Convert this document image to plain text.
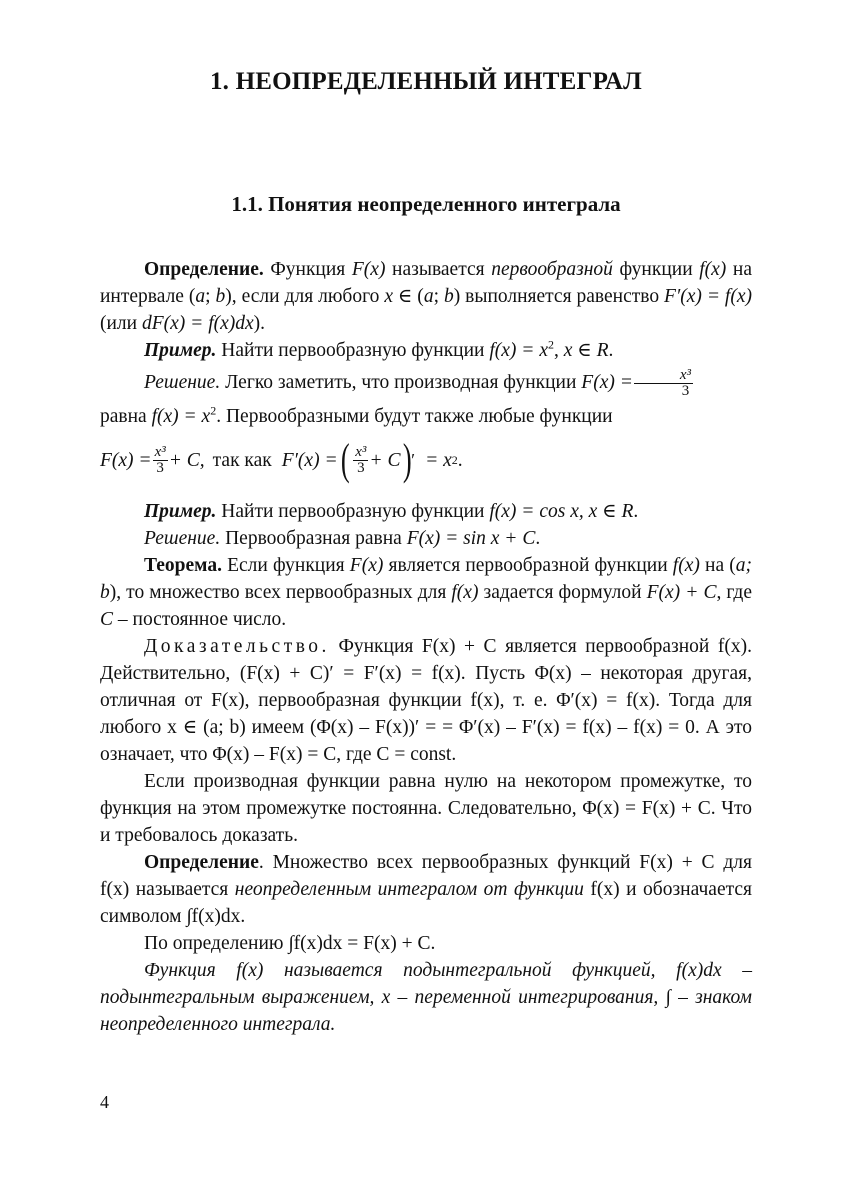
1. НЕОПРЕДЕЛЕННЫЙ ИНТЕГРАЛ
1.1. Понятия неопределенного интеграла

Определение. Функция F(x) называется первообразной функции f(x) на интервале (a; b), если для любого x ∈ (a; b) выполняется равенство F′(x) = f(x) (или dF(x) = f(x)dx).

Пример. Найти первообразную функции $f(x) = x^2$, x ∈ R.

Решение. Легко заметить, что производная функции $F(x) = \frac{\text{x³}}{3}$

равна $f(x) = x^2$. Первообразными будут также любые функции

$F(x) = \frac{\text{x³}}{3} + C$, так как F′(x) = ( $\frac{\text{x³}}{3} + C$ )
′ = x 2 .

Пример. Найти первообразную функции f(x) = cos x, x ∈ R.

Решение. Первообразная равна F(x) = sin x + C.

Теорема. Если функция F(x) является первообразной функции f(x) на (a; b), то множество всех первообразных для f(x) задается формулой F(x) + C, где C – постоянное число.

Доказательство. Функция F(x) + C является первообразной f(x). Действительно, (F(x) + C)′ = F′(x) = f(x). Пусть Φ(x) – некоторая другая, отличная от F(x), первообразная функции f(x), т. е. Φ′(x) = f(x). Тогда для любого x ∈ (a; b) имеем (Φ(x) – F(x))′ = = Φ′(x) – F′(x) = f(x) – f(x) = 0. А это означает, что Φ(x) – F(x) = C, где C = const.

Если производная функции равна нулю на некотором промежутке, то функция на этом промежутке постоянна. Следовательно, Φ(x) = F(x) + C. Что и требовалось доказать.

Определение. Множество всех первообразных функций F(x) + C для f(x) называется неопределенным интегралом от функции f(x) и обозначается символом ∫f(x)dx.

По определению ∫f(x)dx = F(x) + C.

Функция f(x) называется подынтегральной функцией, f(x)dx – подынтегральным выражением, x – переменной интегрирования, ∫ – знаком неопределенного интеграла.

4
